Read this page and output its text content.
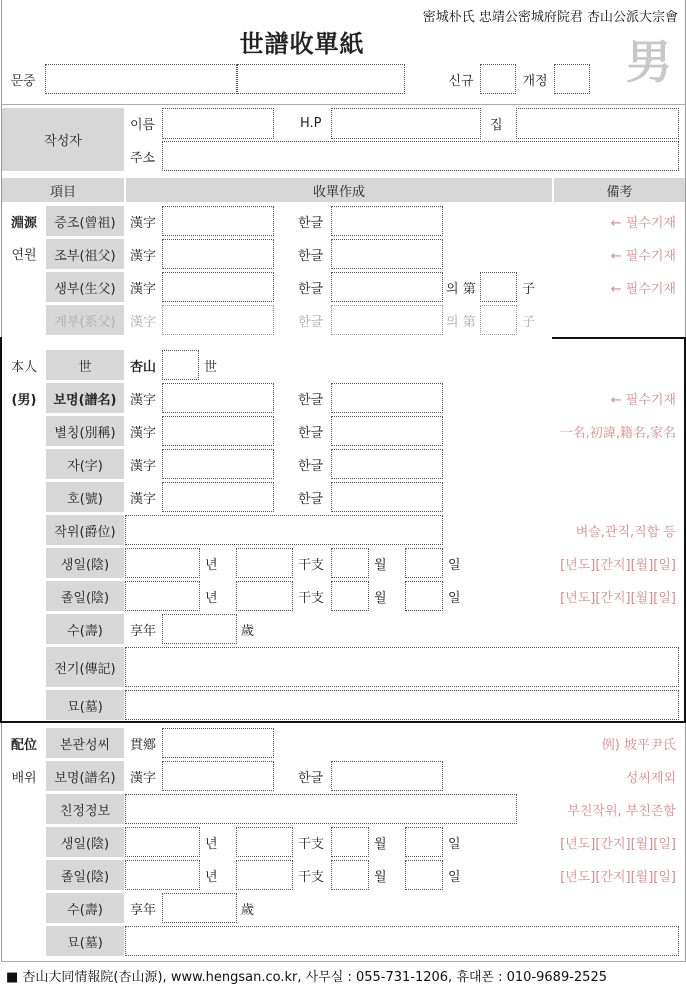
密城朴氏 忠靖公密城府院君 杏山公派大宗會
世譜收單紙	男
문중	신규	개정
작성자
이름	H.P	집
주소
項目	收單作成	備考
淵源
연원
증조(曾祖)	漢字	한글	← 필수기재
조부(祖父)	漢字	한글	← 필수기재
생부(生父)	漢字	한글	의 第	子	← 필수기재
계부(系父)	漢字	한글	의 第	子
本人
(男)
世	杏山	世
보명(譜名)	漢字	한글	← 필수기재
별칭(別稱)	漢字	한글	一名,初諱,籍名,家名
자(字)	漢字	한글
호(號)	漢字	한글
작위(爵位)	벼슬,관직,직함 등
생일(陰)	년	干支	월	일	[년도][간지][월][일]
졸일(陰)	년	干支	월	일	[년도][간지][월][일]
수(壽)	享年	歲
전기(傳記)
묘(墓)
配位
배위
본관성씨	貫鄕	例) 坡平尹氏
보명(譜名)	漢字	한글	성씨제외
친정정보	부친작위, 부친존함
생일(陰)	년	干支	월	일	[년도][간지][월][일]
졸일(陰)	년	干支	월	일	[년도][간지][월][일]
수(壽)	享年	歲
묘(墓)
■ 杏山大同情報院(杏山源), www.hengsan.co.kr, 사무실 : 055-731-1206, 휴대폰 : 010-9689-2525
